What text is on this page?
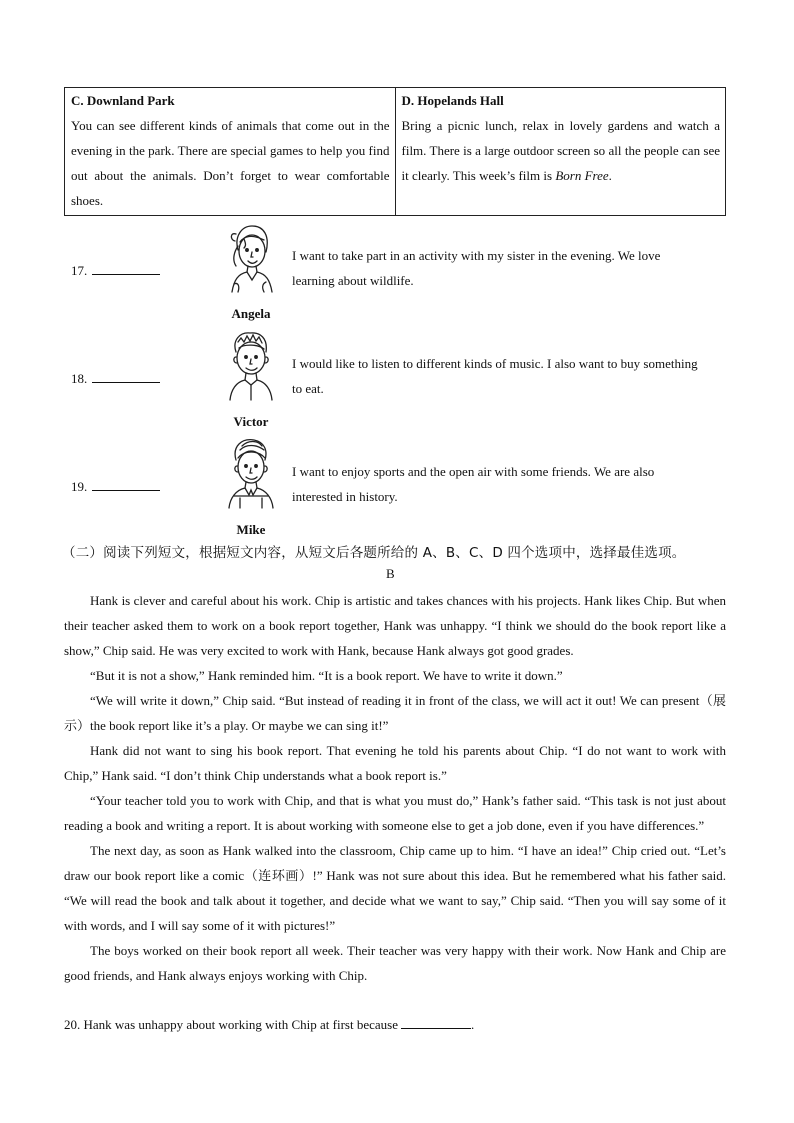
C. Downland Park

You can see different kinds of animals that come out in the evening in the park. There are special games to help you find out about the animals. Don’t forget to wear comfortable shoes.

D. Hopelands Hall

Bring a picnic lunch, relax in lovely gardens and watch a film. There is a large outdoor screen so all the people can see it clearly. This week’s film is Born Free.

17.
Angela
I want to take part in an activity with my sister in the evening. We love learning about wildlife.
18.
Victor
I would like to listen to different kinds of music. I also want to buy something to eat.
19.
Mike
I want to enjoy sports and the open air with some friends. We are also interested in history.
（二）阅读下列短文，根据短文内容，从短文后各题所给的 A、B、C、D 四个选项中，选择最佳选项。
B

Hank is clever and careful about his work. Chip is artistic and takes chances with his projects. Hank likes Chip. But when their teacher asked them to work on a book report together, Hank was unhappy. “I think we should do the book report like a show,” Chip said. He was very excited to work with Hank, because Hank always got good grades.

“But it is not a show,” Hank reminded him. “It is a book report. We have to write it down.”

“We will write it down,” Chip said. “But instead of reading it in front of the class, we will act it out! We can present（展示）the book report like it’s a play. Or maybe we can sing it!”

Hank did not want to sing his book report. That evening he told his parents about Chip. “I do not want to work with Chip,” Hank said. “I don’t think Chip understands what a book report is.”

“Your teacher told you to work with Chip, and that is what you must do,” Hank’s father said. “This task is not just about reading a book and writing a report. It is about working with someone else to get a job done, even if you have differences.”

The next day, as soon as Hank walked into the classroom, Chip came up to him. “I have an idea!” Chip cried out. “Let’s draw our book report like a comic（连环画）!” Hank was not sure about this idea. But he remembered what his father said. “We will read the book and talk about it together, and decide what we want to say,” Chip said. “Then you will say some of it with words, and I will say some of it with pictures!”

The boys worked on their book report all week. Their teacher was very happy with their work. Now Hank and Chip are good friends, and Hank always enjoys working with Chip.

20. Hank was unhappy about working with Chip at first because	.
